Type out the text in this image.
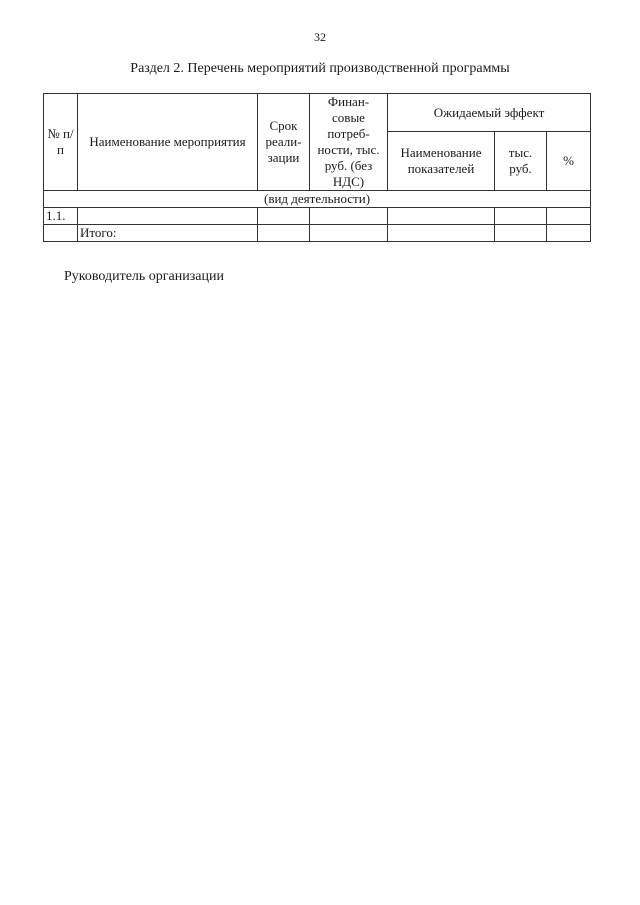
32
Раздел 2. Перечень мероприятий производственной программы
№ п/п	Наименование мероприятия	Срок реали-зации	Финан-совые потреб-ности, тыс. руб. (без НДС)	Ожидаемый эффект		
				Наименование показателей	тыс. руб.	%
(вид деятельности)						
1.1.						
	Итого:					
Руководитель организации
